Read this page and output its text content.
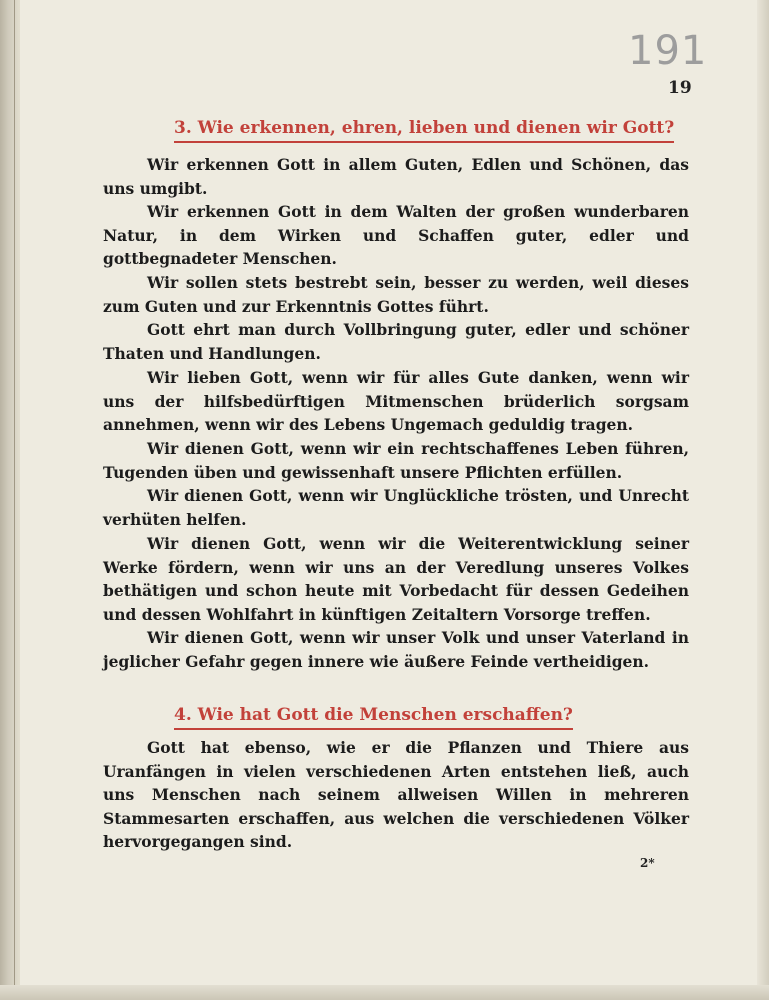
191
19
3. Wie erkennen, ehren, lieben und dienen wir Gott?

Wir erkennen Gott in allem Guten, Edlen und Schönen, das uns umgibt.

Wir erkennen Gott in dem Walten der großen wunderbaren Natur, in dem Wirken und Schaffen guter, edler und gottbegnadeter Menschen.

Wir sollen stets bestrebt sein, besser zu werden, weil dieses zum Guten und zur Erkenntnis Gottes führt.

Gott ehrt man durch Vollbringung guter, edler und schöner Thaten und Handlungen.

Wir lieben Gott, wenn wir für alles Gute danken, wenn wir uns der hilfsbedürftigen Mitmenschen brüderlich sorgsam annehmen, wenn wir des Lebens Ungemach geduldig tragen.

Wir dienen Gott, wenn wir ein rechtschaffenes Leben führen, Tugenden üben und gewissenhaft unsere Pflichten erfüllen.

Wir dienen Gott, wenn wir Unglückliche trösten, und Unrecht verhüten helfen.

Wir dienen Gott, wenn wir die Weiterentwicklung seiner Werke fördern, wenn wir uns an der Veredlung unseres Volkes bethätigen und schon heute mit Vorbedacht für dessen Gedeihen und dessen Wohlfahrt in künftigen Zeitaltern Vorsorge treffen.

Wir dienen Gott, wenn wir unser Volk und unser Vaterland in jeglicher Gefahr gegen innere wie äußere Feinde vertheidigen.

4. Wie hat Gott die Menschen erschaffen?

Gott hat ebenso, wie er die Pflanzen und Thiere aus Uranfängen in vielen verschiedenen Arten entstehen ließ, auch uns Menschen nach seinem allweisen Willen in mehreren Stammesarten erschaffen, aus welchen die verschiedenen Völker hervorgegangen sind.

2*
